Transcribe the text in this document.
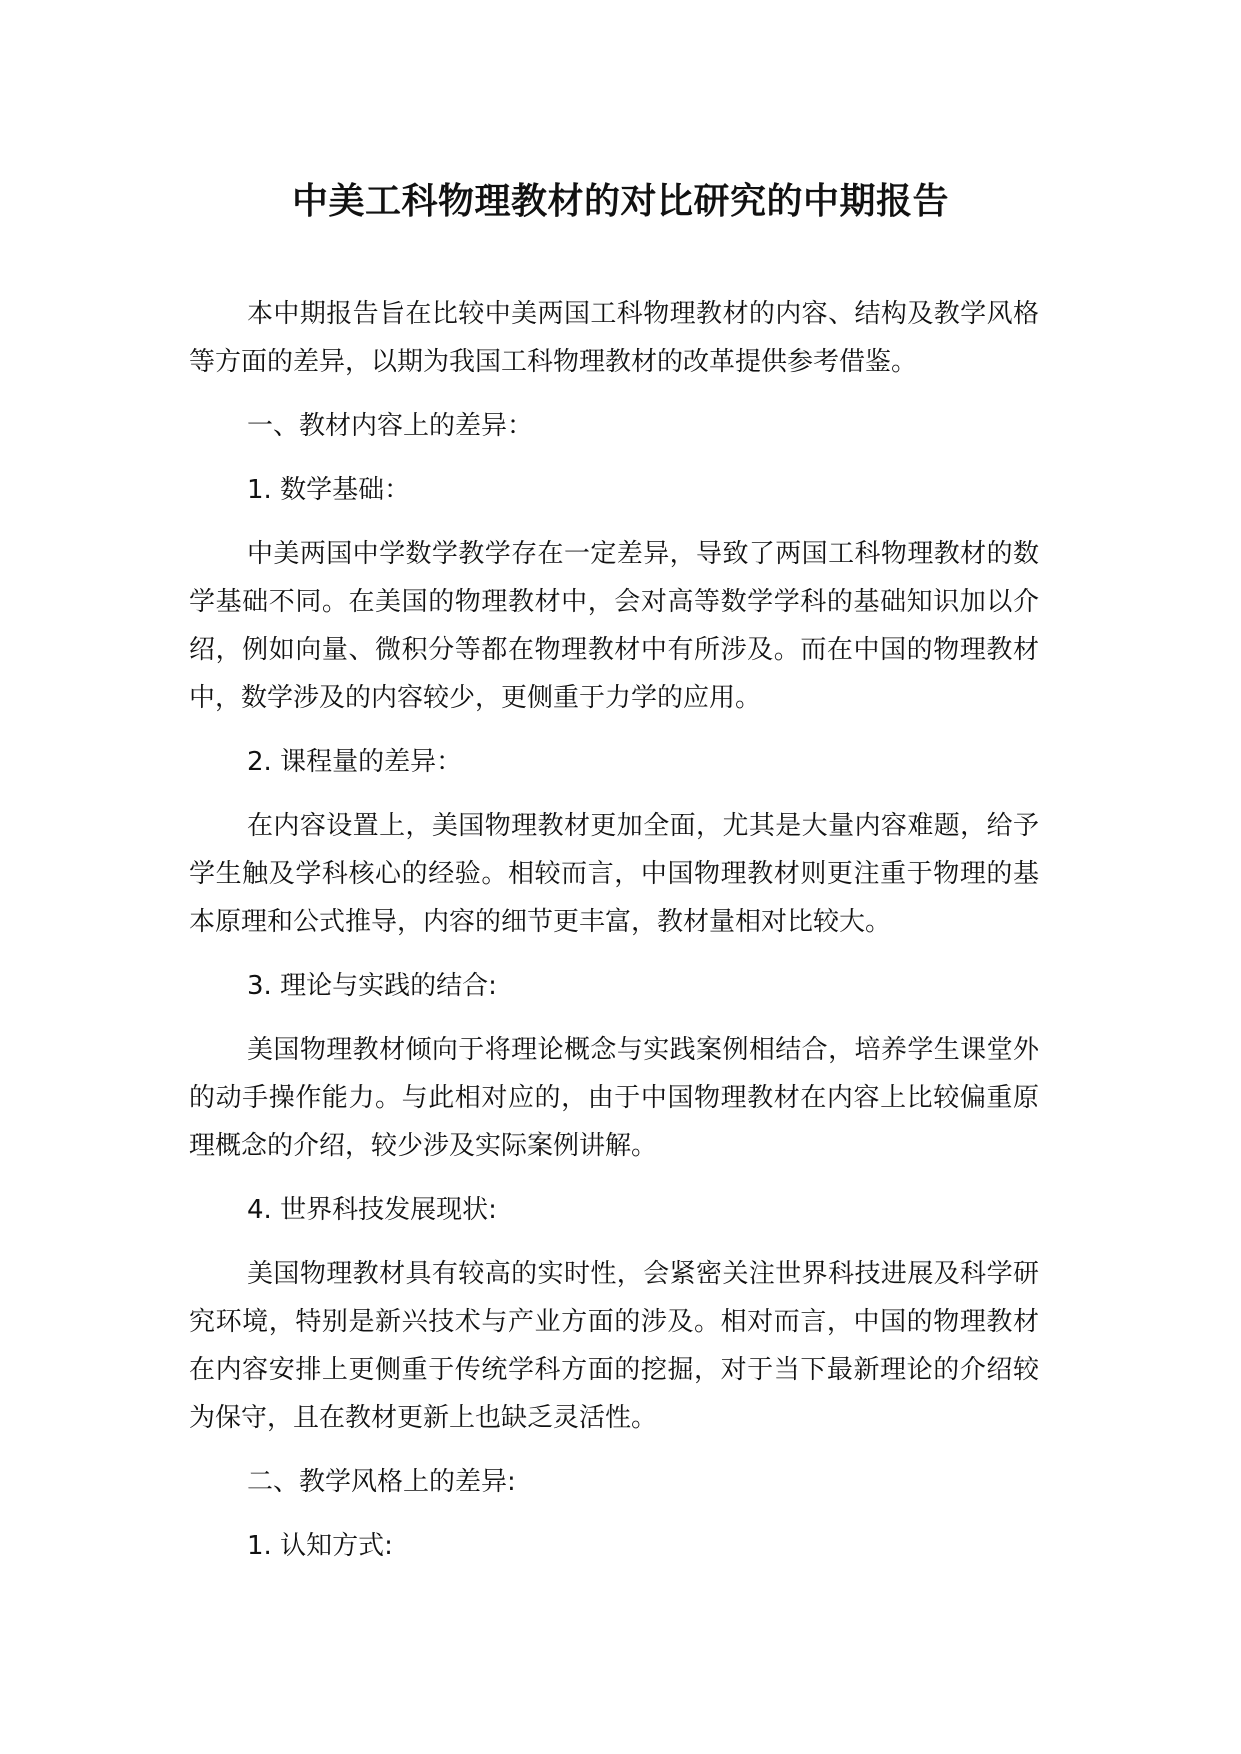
中美工科物理教材的对比研究的中期报告

本中期报告旨在比较中美两国工科物理教材的内容、结构及教学风格等方面的差异，以期为我国工科物理教材的改革提供参考借鉴。

一、教材内容上的差异：

1. 数学基础：

中美两国中学数学教学存在一定差异，导致了两国工科物理教材的数学基础不同。在美国的物理教材中，会对高等数学学科的基础知识加以介绍，例如向量、微积分等都在物理教材中有所涉及。而在中国的物理教材中，数学涉及的内容较少，更侧重于力学的应用。

2. 课程量的差异：

在内容设置上，美国物理教材更加全面，尤其是大量内容难题，给予学生触及学科核心的经验。相较而言，中国物理教材则更注重于物理的基本原理和公式推导，内容的细节更丰富，教材量相对比较大。

3. 理论与实践的结合:

美国物理教材倾向于将理论概念与实践案例相结合，培养学生课堂外的动手操作能力。与此相对应的，由于中国物理教材在内容上比较偏重原理概念的介绍，较少涉及实际案例讲解。

4. 世界科技发展现状:

美国物理教材具有较高的实时性，会紧密关注世界科技进展及科学研究环境，特别是新兴技术与产业方面的涉及。相对而言，中国的物理教材在内容安排上更侧重于传统学科方面的挖掘，对于当下最新理论的介绍较为保守，且在教材更新上也缺乏灵活性。

二、教学风格上的差异:

1. 认知方式:
